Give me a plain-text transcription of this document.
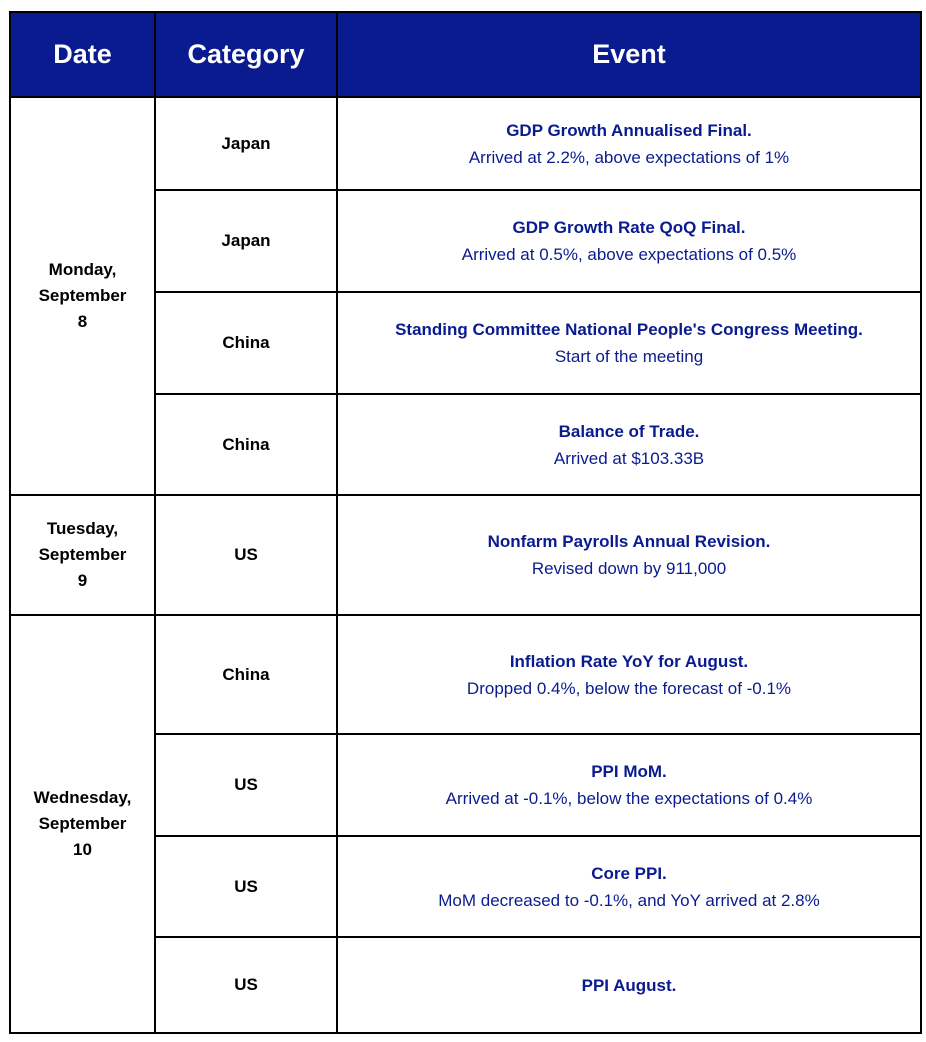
Date	Category	Event
Monday,
September
8	Japan	GDP Growth Annualised Final.
Arrived at 2.2%, above expectations of 1%

	Japan	GDP Growth Rate QoQ Final.
Arrived at 0.5%, above expectations of 0.5%

	China	Standing Committee National People's Congress Meeting.
Start of the meeting

	China	Balance of Trade.
Arrived at $103.33B

Tuesday,
September
9	US	Nonfarm Payrolls Annual Revision.
Revised down by 911,000

Wednesday,
September
10	China	Inflation Rate YoY for August.
Dropped 0.4%, below the forecast of -0.1%

	US	PPI MoM.
Arrived at -0.1%, below the expectations of 0.4%

	US	Core PPI.
MoM decreased to -0.1%, and YoY arrived at 2.8%

	US	PPI August.
